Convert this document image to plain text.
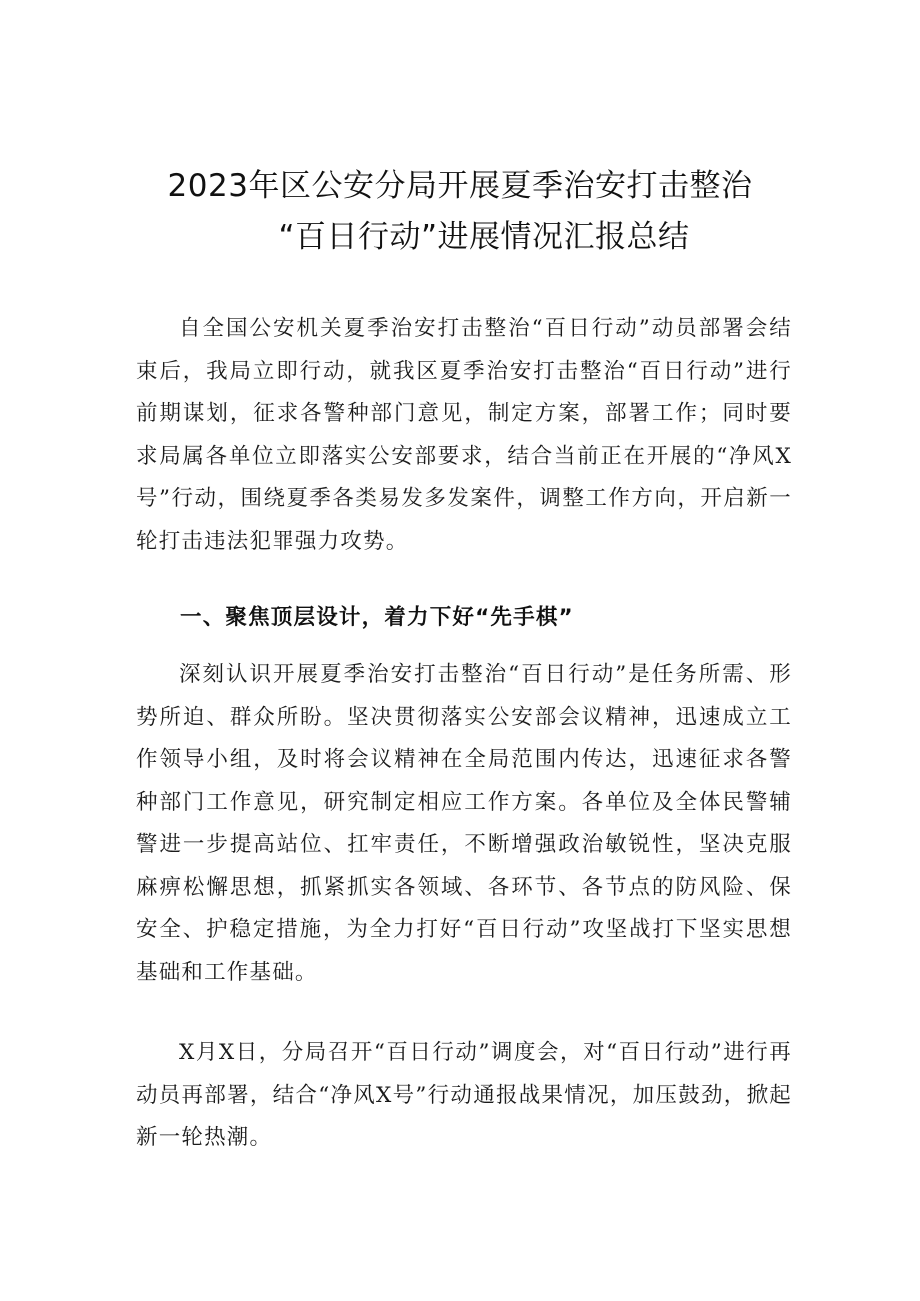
2023年区公安分局开展夏季治安打击整治
“百日行动”进展情况汇报总结

自全国公安机关夏季治安打击整治“百日行动”动员部署会结束后，我局立即行动，就我区夏季治安打击整治“百日行动”进行前期谋划，征求各警种部门意见，制定方案，部署工作；同时要求局属各单位立即落实公安部要求，结合当前正在开展的“净风X号”行动，围绕夏季各类易发多发案件，调整工作方向，开启新一轮打击违法犯罪强力攻势。

一、聚焦顶层设计，着力下好“先手棋”

深刻认识开展夏季治安打击整治“百日行动”是任务所需、形势所迫、群众所盼。坚决贯彻落实公安部会议精神，迅速成立工作领导小组，及时将会议精神在全局范围内传达，迅速征求各警种部门工作意见，研究制定相应工作方案。各单位及全体民警辅警进一步提高站位、扛牢责任，不断增强政治敏锐性，坚决克服麻痹松懈思想，抓紧抓实各领域、各环节、各节点的防风险、保安全、护稳定措施，为全力打好“百日行动”攻坚战打下坚实思想基础和工作基础。

X月X日，分局召开“百日行动”调度会，对“百日行动”进行再动员再部署，结合“净风X号”行动通报战果情况，加压鼓劲，掀起新一轮热潮。
